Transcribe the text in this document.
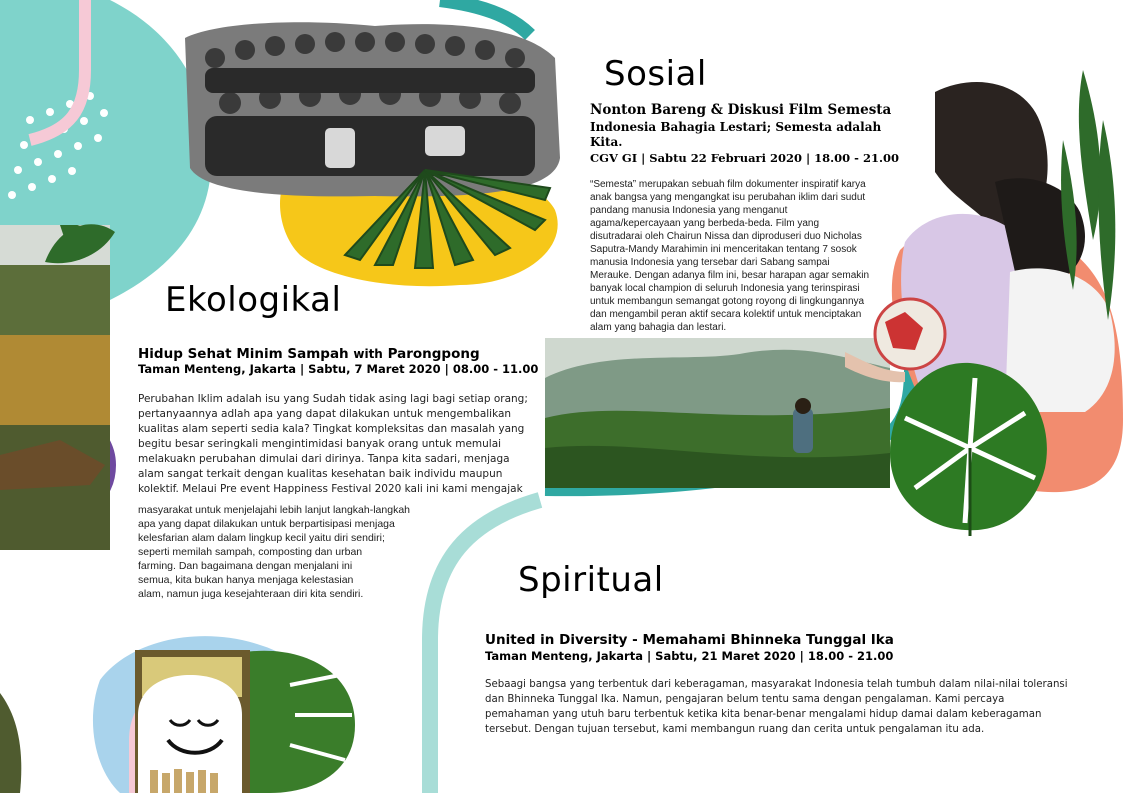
Sosial
Nonton Bareng & Diskusi Film Semesta
Indonesia Bahagia Lestari; Semesta adalah
Kita.
CGV GI | Sabtu 22 Februari 2020 | 18.00 - 21.00
“Semesta” merupakan sebuah film dokumenter inspiratif karya
anak bangsa yang mengangkat isu perubahan iklim dari sudut
pandang manusia Indonesia yang menganut
agama/kepercayaan yang berbeda-beda. Film yang
disutradarai oleh Chairun Nissa dan diproduseri duo Nicholas
Saputra-Mandy Marahimin ini menceritakan tentang 7 sosok
manusia Indonesia yang tersebar dari Sabang sampai
Merauke. Dengan adanya film ini, besar harapan agar semakin
banyak local champion di seluruh Indonesia yang terinspirasi
untuk membangun semangat gotong royong di lingkungannya
dan mengambil peran aktif secara kolektif untuk menciptakan
alam yang bahagia dan lestari.
Ekologikal
Hidup Sehat Minim Sampah with Parongpong
Taman Menteng, Jakarta | Sabtu, 7 Maret 2020 | 08.00 - 11.00
Perubahan Iklim adalah isu yang Sudah tidak asing lagi bagi setiap orang;
pertanyaannya adlah apa yang dapat dilakukan untuk mengembalikan
kualitas alam seperti sedia kala? Tingkat kompleksitas dan masalah yang
begitu besar seringkali mengintimidasi banyak orang untuk memulai
melakuakn perubahan dimulai dari dirinya. Tanpa kita sadari, menjaga
alam sangat terkait dengan kualitas kesehatan baik individu maupun
kolektif. Melaui Pre event Happiness Festival 2020 kali ini kami mengajak
masyarakat untuk menjelajahi lebih lanjut langkah-langkah
apa yang dapat dilakukan untuk berpartisipasi menjaga
kelesfarian alam dalam lingkup kecil yaitu diri sendiri;
seperti memilah sampah, composting dan urban
farming. Dan bagaimana dengan menjalani ini
semua, kita bukan hanya menjaga kelestasian
alam, namun juga kesejahteraan diri kita sendiri.	Spiritual
United in Diversity - Memahami Bhinneka Tunggal Ika
Taman Menteng, Jakarta | Sabtu, 21 Maret 2020 | 18.00 - 21.00
Sebaagi bangsa yang terbentuk dari keberagaman, masyarakat Indonesia telah tumbuh dalam nilai-nilai toleransi
dan Bhinneka Tunggal Ika. Namun, pengajaran belum tentu sama dengan pengalaman. Kami percaya
pemahaman yang utuh baru terbentuk ketika kita benar-benar mengalami hidup damai dalam keberagaman
tersebut. Dengan tujuan tersebut, kami membangun ruang dan cerita untuk pengalaman itu ada.
